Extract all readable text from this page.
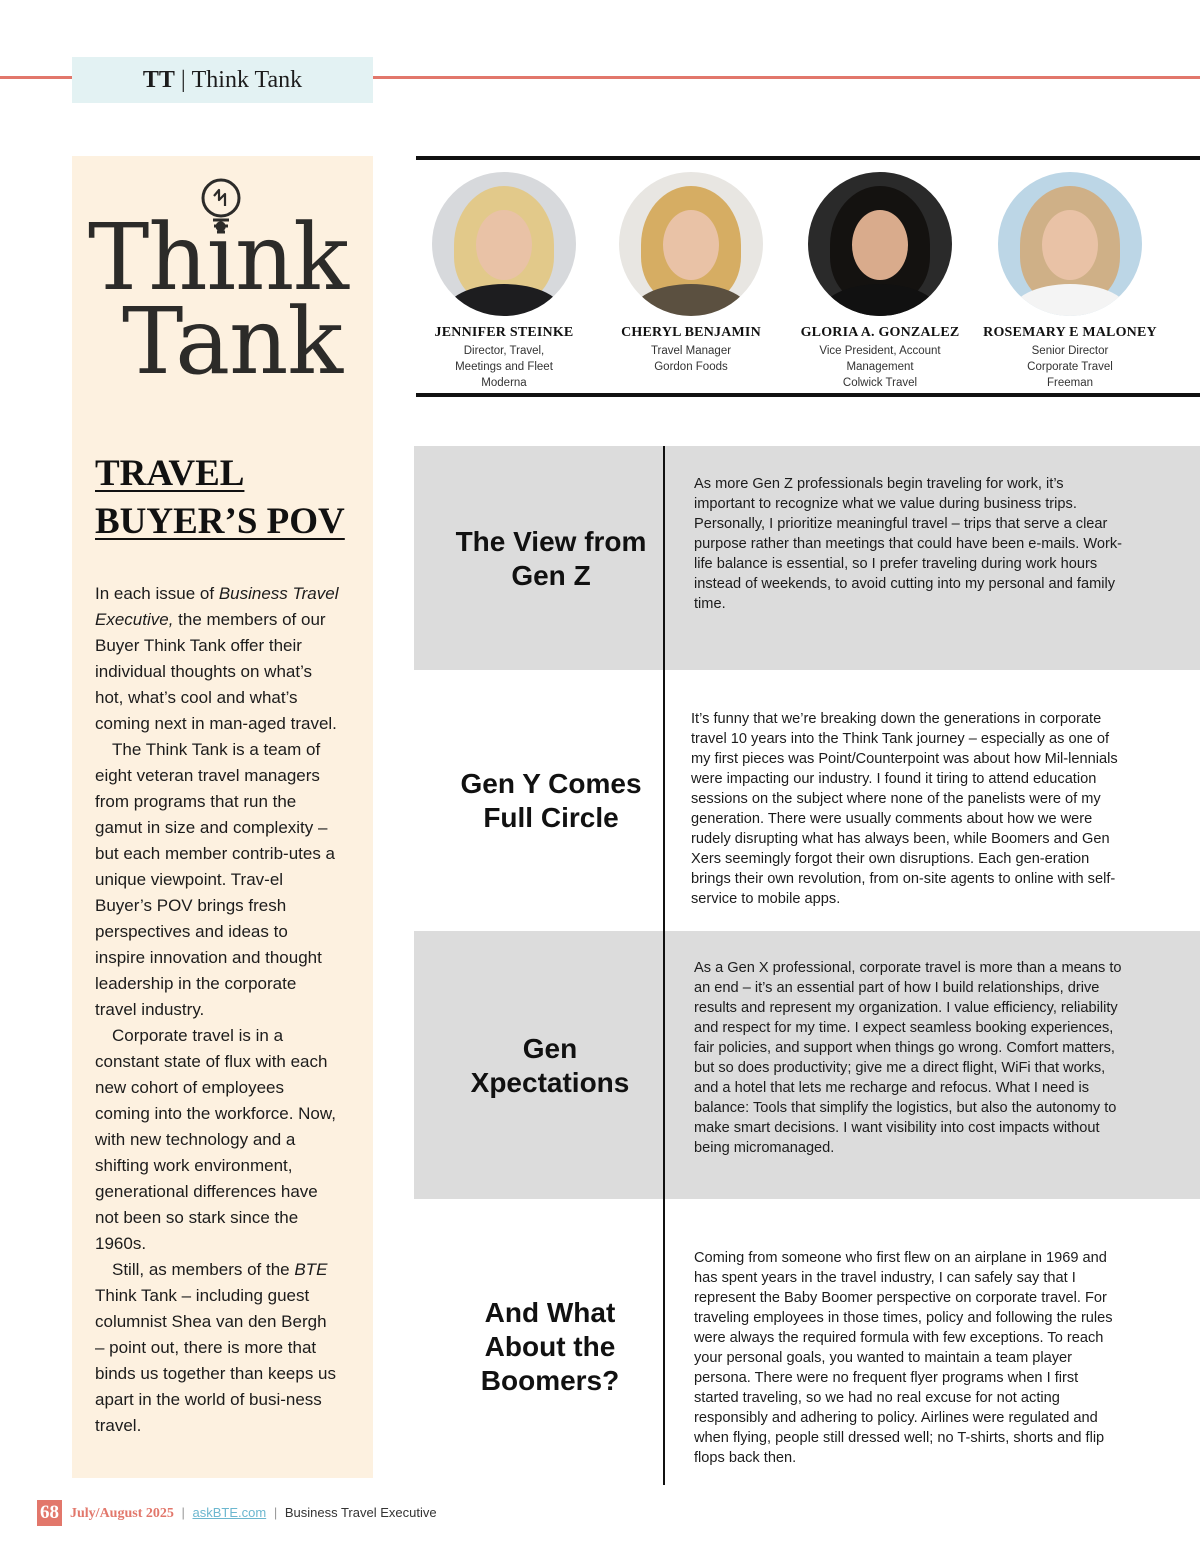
TT | Think Tank
Think
Tank
TRAVEL BUYER’S POV

In each issue of Business Travel Executive, the members of our Buyer Think Tank offer their individual thoughts on what’s hot, what’s cool and what’s coming next in man-aged travel.

The Think Tank is a team of eight veteran travel managers from programs that run the gamut in size and complexity – but each member contrib-utes a unique viewpoint. Trav-el Buyer’s POV brings fresh perspectives and ideas to inspire innovation and thought leadership in the corporate travel industry.

Corporate travel is in a constant state of flux with each new cohort of employees coming into the workforce. Now, with new technology and a shifting work environment, generational differences have not been so stark since the 1960s.

Still, as members of the BTE Think Tank – including guest columnist Shea van den Bergh – point out, there is more that binds us together than keeps us apart in the world of busi-ness travel.

JENNIFER STEINKE
Director, Travel,
Meetings and Fleet
Moderna
CHERYL BENJAMIN
Travel Manager
Gordon Foods
GLORIA A. GONZALEZ
Vice President, Account
Management
Colwick Travel
ROSEMARY E MALONEY
Senior Director
Corporate Travel
Freeman
The View from Gen Z
As more Gen Z professionals begin traveling for work, it’s important to recognize what we value during business trips. Personally, I prioritize meaningful travel – trips that serve a clear purpose rather than meetings that could have been e-mails. Work-life balance is essential, so I prefer traveling during work hours instead of weekends, to avoid cutting into my personal and family time.
Gen Y Comes Full Circle
It’s funny that we’re breaking down the generations in corporate travel 10 years into the Think Tank journey – especially as one of my first pieces was Point/Counterpoint was about how Mil-lennials were impacting our industry. I found it tiring to attend education sessions on the subject where none of the panelists were of my generation. There were usually comments about how we were rudely disrupting what has always been, while Boomers and Gen Xers seemingly forgot their own disruptions. Each gen-eration brings their own revolution, from on-site agents to online with self-service to mobile apps.
Gen Xpectations
As a Gen X professional, corporate travel is more than a means to an end – it’s an essential part of how I build relationships, drive results and represent my organization. I value efficiency, reliability and respect for my time. I expect seamless booking experiences, fair policies, and support when things go wrong. Comfort matters, but so does productivity; give me a direct flight, WiFi that works, and a hotel that lets me recharge and refocus. What I need is balance: Tools that simplify the logistics, but also the autonomy to make smart decisions. I want visibility into cost impacts without being micromanaged.
And What About the Boomers?
Coming from someone who first flew on an airplane in 1969 and has spent years in the travel industry, I can safely say that I represent the Baby Boomer perspective on corporate travel. For traveling employees in those times, policy and following the rules were always the required formula with few exceptions. To reach your personal goals, you wanted to maintain a team player persona. There were no frequent flyer programs when I first started traveling, so we had no real excuse for not acting responsibly and adhering to policy. Airlines were regulated and when flying, people still dressed well; no T-shirts, shorts and flip flops back then.
68 July/August 2025 | askBTE.com | Business Travel Executive
